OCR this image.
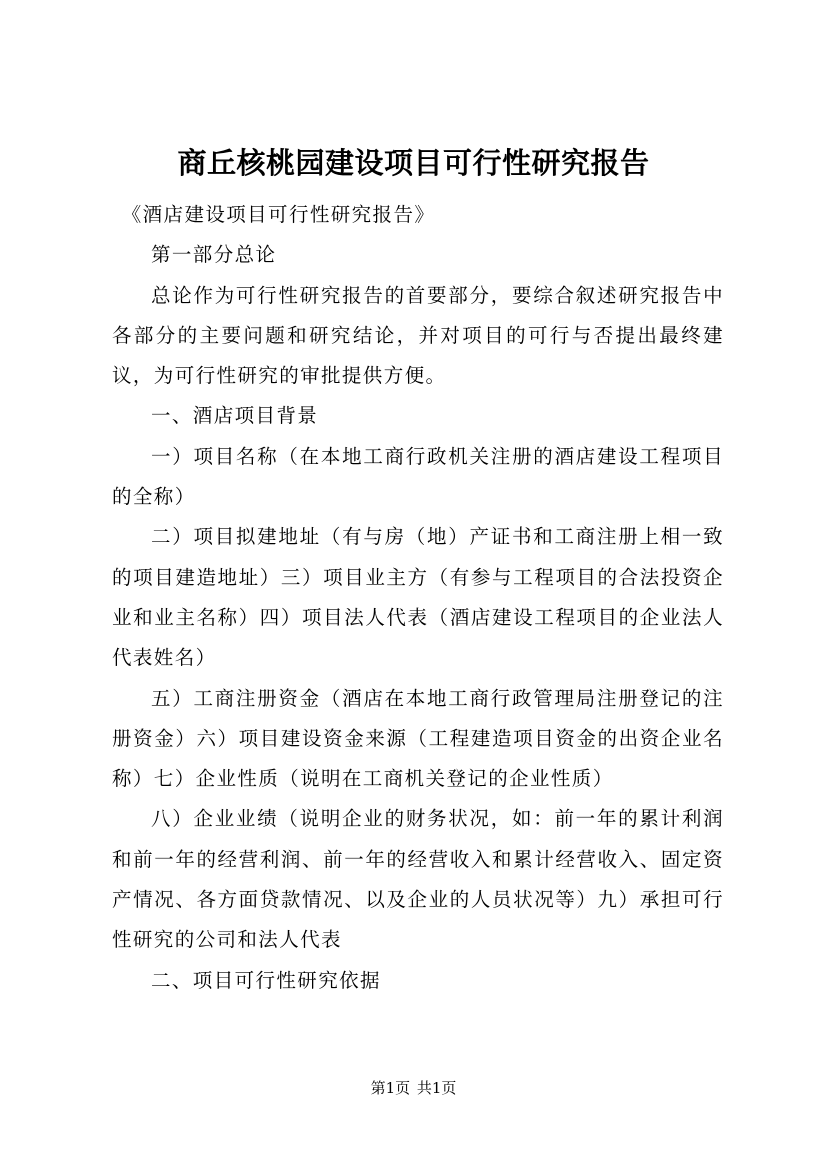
商丘核桃园建设项目可行性研究报告

《酒店建设项目可行性研究报告》

第一部分总论

总论作为可行性研究报告的首要部分，要综合叙述研究报告中各部分的主要问题和研究结论，并对项目的可行与否提出最终建议，为可行性研究的审批提供方便。

一、酒店项目背景

一）项目名称（在本地工商行政机关注册的酒店建设工程项目的全称）

二）项目拟建地址（有与房（地）产证书和工商注册上相一致的项目建造地址）三）项目业主方（有参与工程项目的合法投资企业和业主名称）四）项目法人代表（酒店建设工程项目的企业法人代表姓名）

五）工商注册资金（酒店在本地工商行政管理局注册登记的注册资金）六）项目建设资金来源（工程建造项目资金的出资企业名称）七）企业性质（说明在工商机关登记的企业性质）

八）企业业绩（说明企业的财务状况，如：前一年的累计利润和前一年的经营利润、前一年的经营收入和累计经营收入、固定资产情况、各方面贷款情况、以及企业的人员状况等）九）承担可行性研究的公司和法人代表

二、项目可行性研究依据

第1页 共1页
